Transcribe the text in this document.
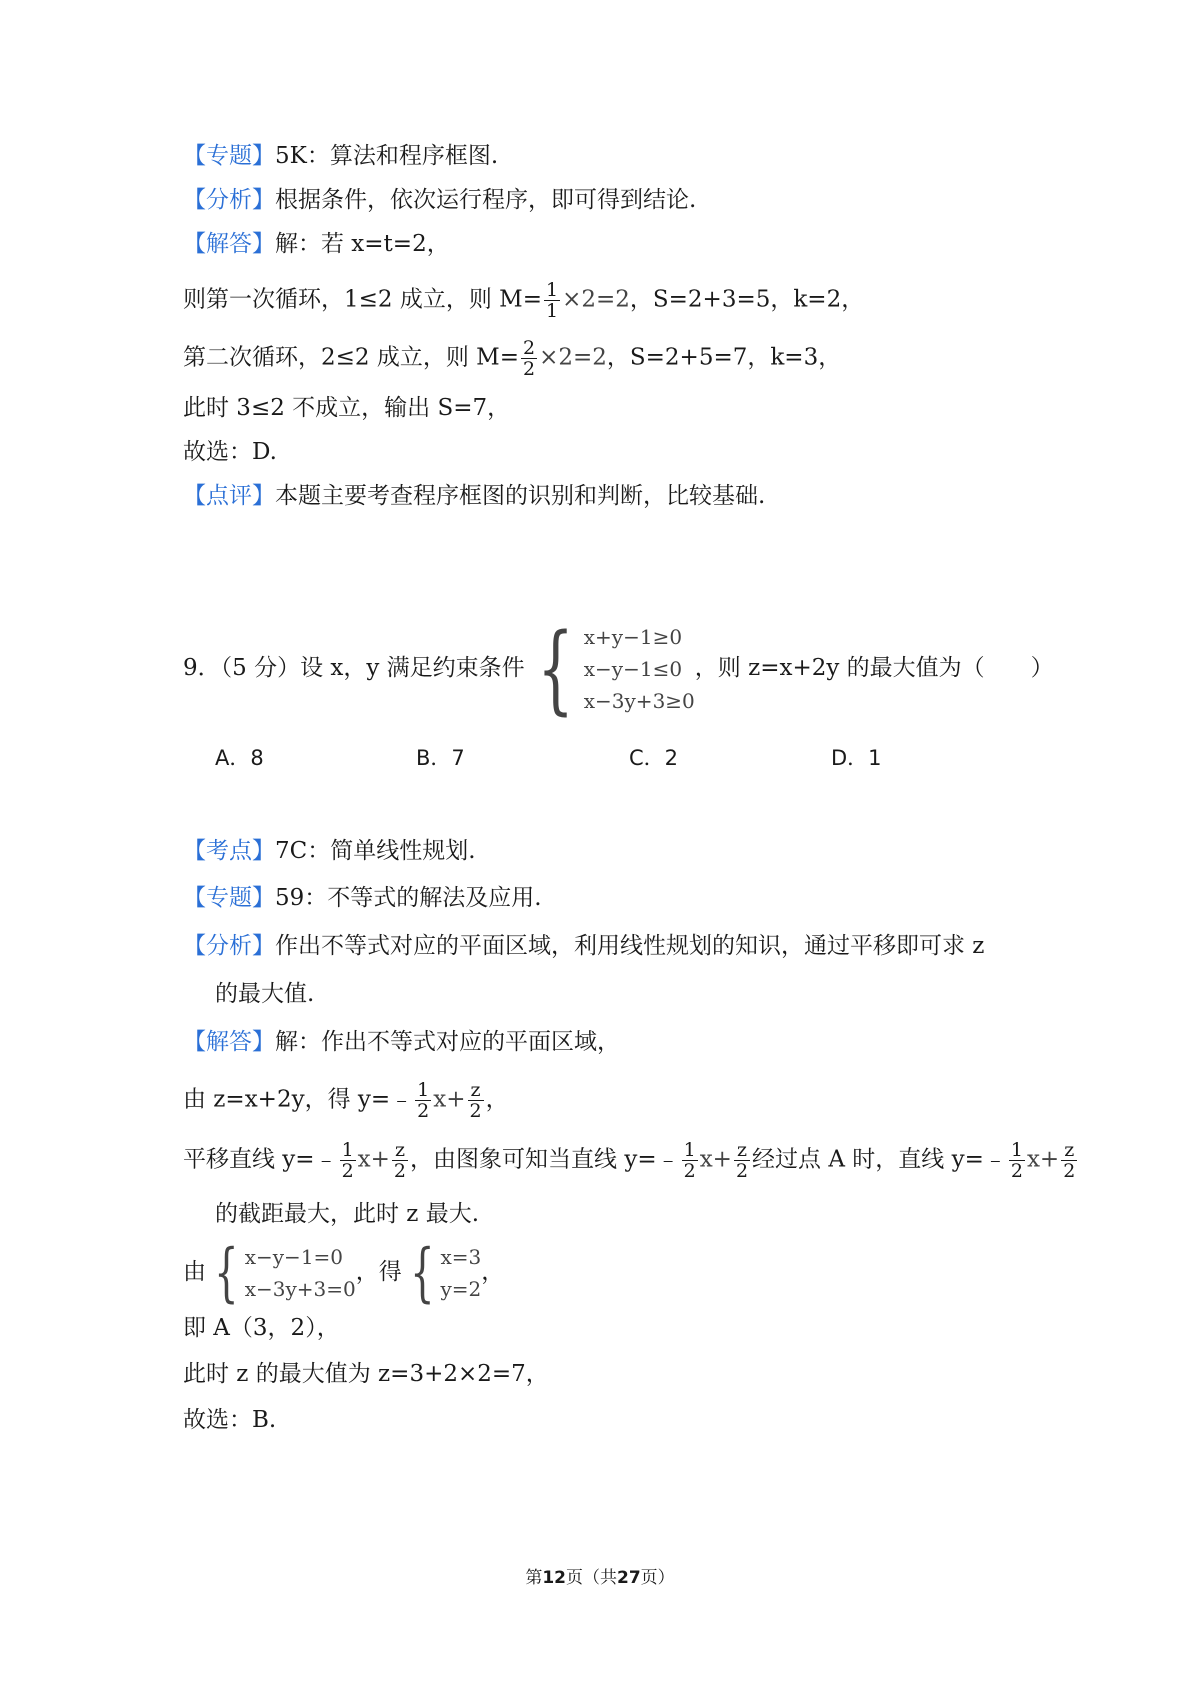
【专题】5K：算法和程序框图.
【分析】根据条件，依次运行程序，即可得到结论.
【解答】解：若 x=t=2，
则第一次循环，1≤2 成立，则 $M= \frac{1}{1} \times 2=2$，S=2+3=5，k=2，
第二次循环，2≤2 成立，则 $M= \frac{2}{2} \times 2=2$，S=2+5=7，k=3，
此时 3≤2 不成立，输出 S=7，
故选：D.
【点评】本题主要考查程序框图的识别和判断，比较基础.
9．（5 分）设 x，y 满足约束条件 { x+y−1≥0
x−y−1≤0
x−3y+3≥0
，则 z=x+2y 的最大值为（　　）
A．8	B．7	C．2	D．1
【考点】7C：简单线性规划.
【专题】59：不等式的解法及应用.
【分析】作出不等式对应的平面区域，利用线性规划的知识，通过平移即可求 z
的最大值.
【解答】解：作出不等式对应的平面区域，
由 z=x+2y，得 y=﹣ $\frac{1}{2} x+ \frac{z}{2}$ ，
平移直线 y=﹣ $\frac{1}{2} x+ \frac{z}{2}$ ，由图象可知当直线 y=﹣ $\frac{1}{2} x+ \frac{z}{2}$ 经过点 A 时，直线 y=﹣ $\frac{1}{2} x+ \frac{z}{2}$
的截距最大，此时 z 最大.
由 { x−y−1=0
x−3y+3=0
，得 { x=3
y=2
，
即 A（3，2），
此时 z 的最大值为 z=3+2×2=7，
故选：B.
第12页（共27页）
